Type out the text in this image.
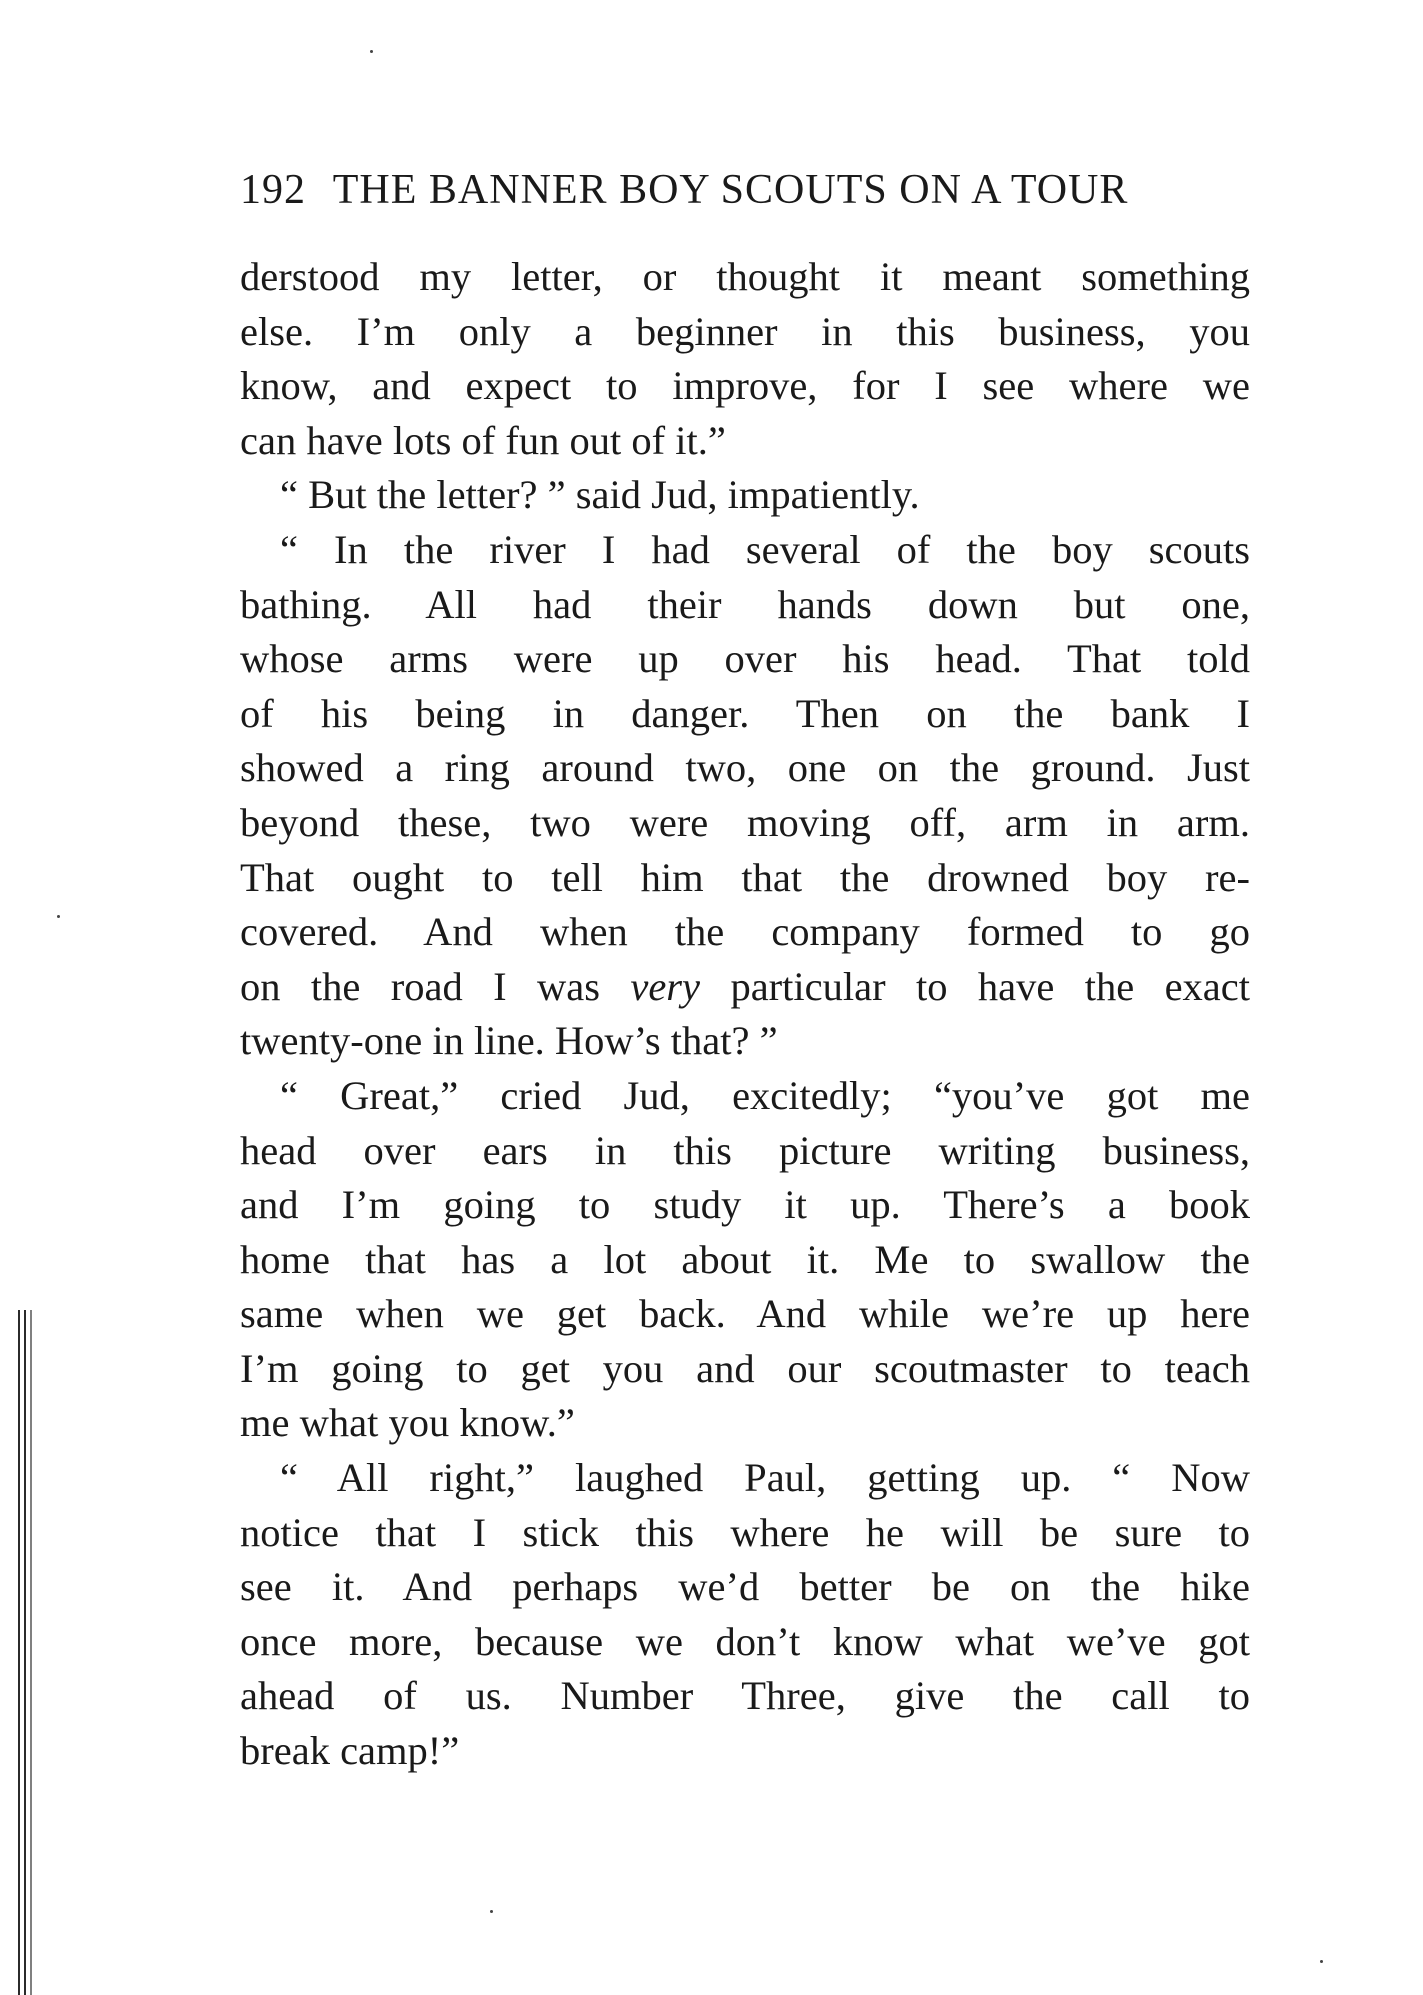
192 THE BANNER BOY SCOUTS ON A TOUR
derstood my letter, or thought it meant something
else. I’m only a beginner in this business, you
know, and expect to improve, for I see where we
can have lots of fun out of it.”
“ But the letter? ” said Jud, impatiently.
“ In the river I had several of the boy scouts
bathing. All had their hands down but one,
whose arms were up over his head. That told
of his being in danger. Then on the bank I
showed a ring around two, one on the ground. Just
beyond these, two were moving off, arm in arm.
That ought to tell him that the drowned boy re-
covered. And when the company formed to go
on the road I was very particular to have the exact
twenty-one in line. How’s that? ”
“ Great,” cried Jud, excitedly; “you’ve got me
head over ears in this picture writing business,
and I’m going to study it up. There’s a book
home that has a lot about it. Me to swallow the
same when we get back. And while we’re up here
I’m going to get you and our scoutmaster to teach
me what you know.”
“ All right,” laughed Paul, getting up. “ Now
notice that I stick this where he will be sure to
see it. And perhaps we’d better be on the hike
once more, because we don’t know what we’ve got
ahead of us. Number Three, give the call to
break camp!”
